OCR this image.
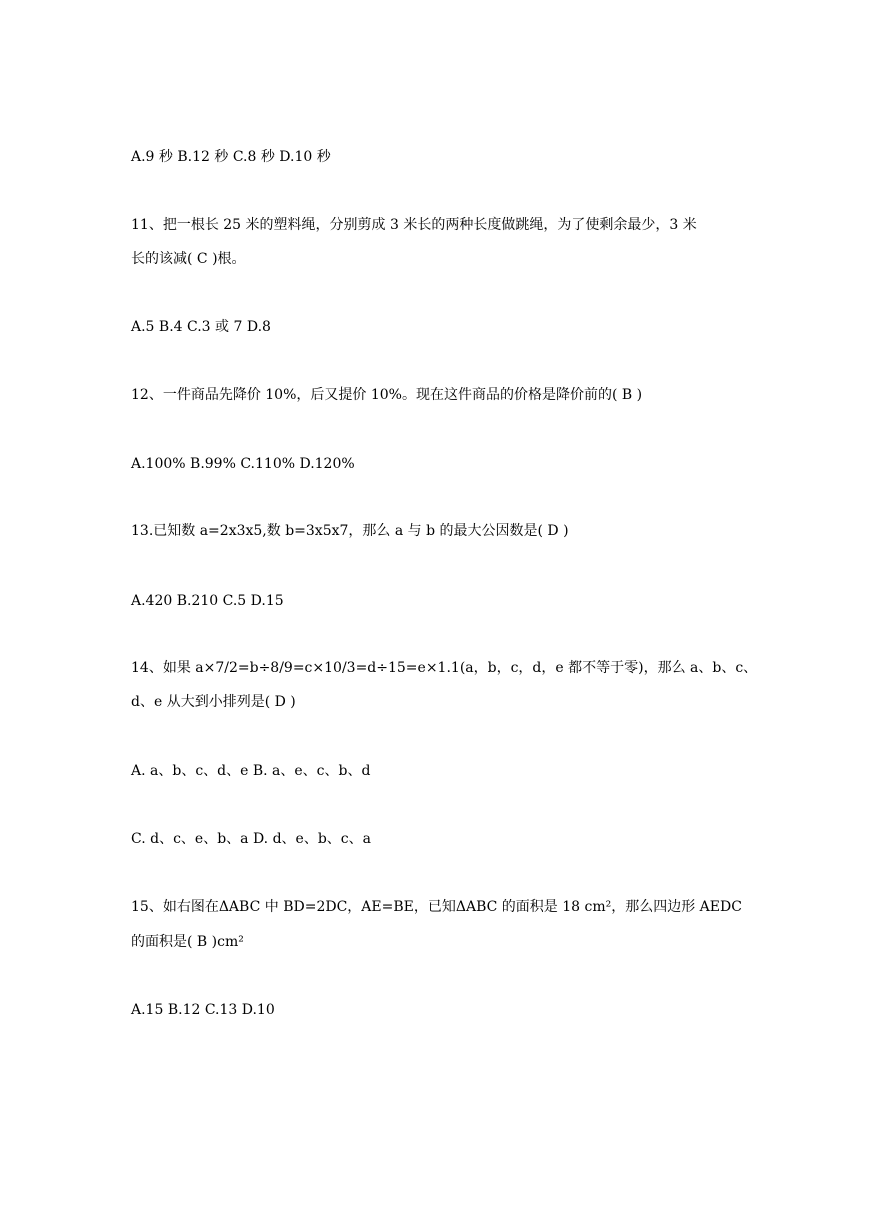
A.9 秒 B.12 秒 C.8 秒 D.10 秒
11、把一根长 25 米的塑料绳，分别剪成 3 米长的两种长度做跳绳，为了使剩余最少，3 米
长的该减( C )根。
A.5 B.4 C.3 或 7 D.8
12、一件商品先降价 10%，后又提价 10%。现在这件商品的价格是降价前的( B )
A.100% B.99% C.110% D.120%
13.已知数 a=2x3x5,数 b=3x5x7，那么 a 与 b 的最大公因数是( D )
A.420 B.210 C.5 D.15
14、如果 a×7/2=b÷8/9=c×10/3=d÷15=e×1.1(a，b，c，d，e 都不等于零)，那么 a、b、c、
d、e 从大到小排列是( D )
A. a、b、c、d、e B. a、e、c、b、d
C. d、c、e、b、a D. d、e、b、c、a
15、如右图在ΔABC 中 BD=2DC，AE=BE，已知ΔABC 的面积是 18 cm²，那么四边形 AEDC
的面积是( B )cm²
A.15 B.12 C.13 D.10
